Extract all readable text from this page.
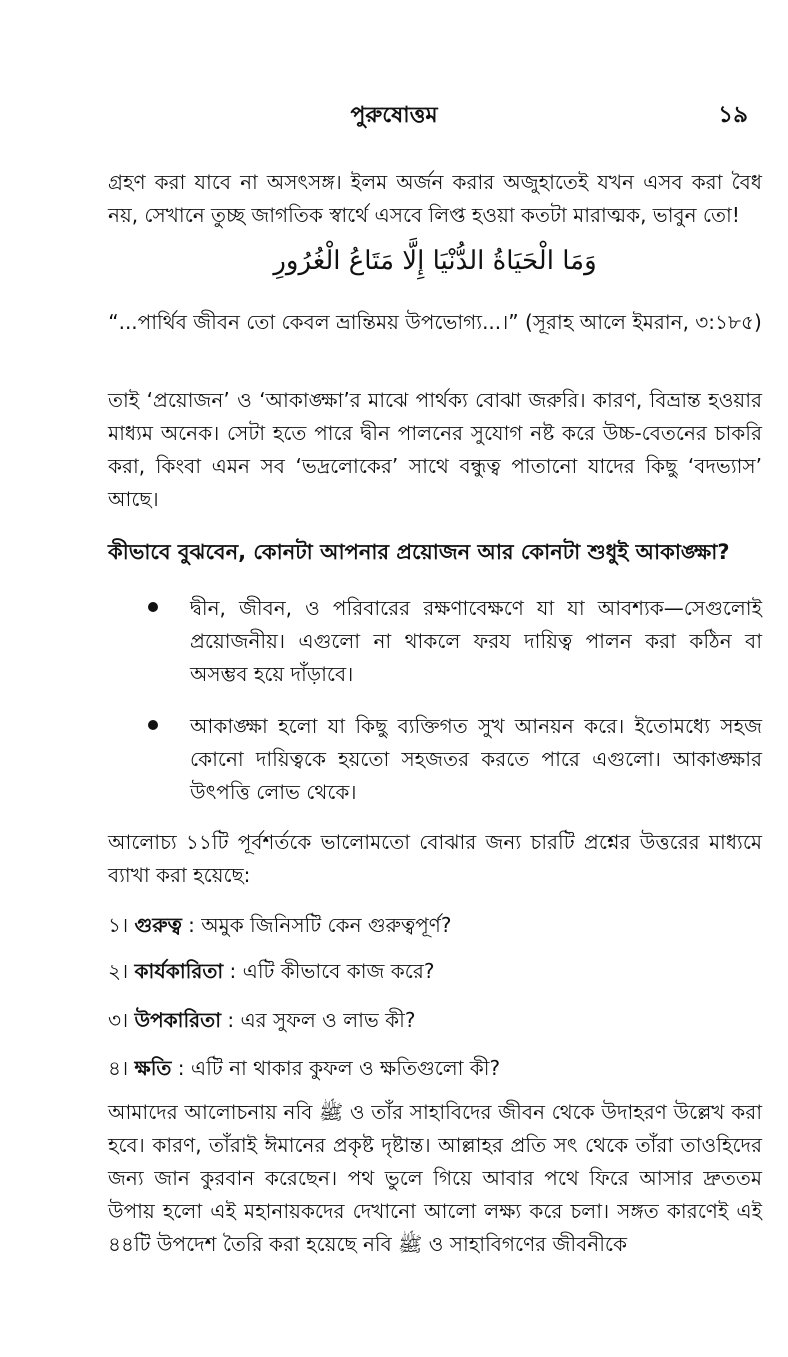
পুরুষোত্তম	১৯

গ্রহণ করা যাবে না অসৎসঙ্গ। ইলম অর্জন করার অজুহাতেই যখন এসব করা বৈধ নয়, সেখানে তুচ্ছ জাগতিক স্বার্থে এসবে লিপ্ত হওয়া কতটা মারাত্মক, ভাবুন তো!

وَمَا الْحَيَاةُ الدُّنْيَا إِلَّا مَتَاعُ الْغُرُورِ

“...পার্থিব জীবন তো কেবল ভ্রান্তিময় উপভোগ্য...।” (সূরাহ আলে ইমরান, ৩:১৮৫)

তাই ‘প্রয়োজন’ ও ‘আকাঙ্ক্ষা’র মাঝে পার্থক্য বোঝা জরুরি। কারণ, বিভ্রান্ত হওয়ার মাধ্যম অনেক। সেটা হতে পারে দ্বীন পালনের সুযোগ নষ্ট করে উচ্চ-বেতনের চাকরি করা, কিংবা এমন সব ‘ভদ্রলোকের’ সাথে বন্ধুত্ব পাতানো যাদের কিছু ‘বদভ্যাস’ আছে।

কীভাবে বুঝবেন, কোনটা আপনার প্রয়োজন আর কোনটা শুধুই আকাঙ্ক্ষা?

দ্বীন, জীবন, ও পরিবারের রক্ষণাবেক্ষণে যা যা আবশ্যক—সেগুলোই প্রয়োজনীয়। এগুলো না থাকলে ফরয দায়িত্ব পালন করা কঠিন বা অসম্ভব হয়ে দাঁড়াবে।

আকাঙ্ক্ষা হলো যা কিছু ব্যক্তিগত সুখ আনয়ন করে। ইতোমধ্যে সহজ কোনো দায়িত্বকে হয়তো সহজতর করতে পারে এগুলো। আকাঙ্ক্ষার উৎপত্তি লোভ থেকে।

আলোচ্য ১১টি পূর্বশর্তকে ভালোমতো বোঝার জন্য চারটি প্রশ্নের উত্তরের মাধ্যমে ব্যাখা করা হয়েছে:

১। গুরুত্ব : অমুক জিনিসটি কেন গুরুত্বপূর্ণ?
২। কার্যকারিতা : এটি কীভাবে কাজ করে?
৩। উপকারিতা : এর সুফল ও লাভ কী?
৪। ক্ষতি : এটি না থাকার কুফল ও ক্ষতিগুলো কী?

আমাদের আলোচনায় নবি ﷺ ও তাঁর সাহাবিদের জীবন থেকে উদাহরণ উল্লেখ করা হবে। কারণ, তাঁরাই ঈমানের প্রকৃষ্ট দৃষ্টান্ত। আল্লাহর প্রতি সৎ থেকে তাঁরা তাওহিদের জন্য জান কুরবান করেছেন। পথ ভুলে গিয়ে আবার পথে ফিরে আসার দ্রুততম উপায় হলো এই মহানায়কদের দেখানো আলো লক্ষ্য করে চলা। সঙ্গত কারণেই এই ৪৪টি উপদেশ তৈরি করা হয়েছে নবি ﷺ ও সাহাবিগণের জীবনীকে
